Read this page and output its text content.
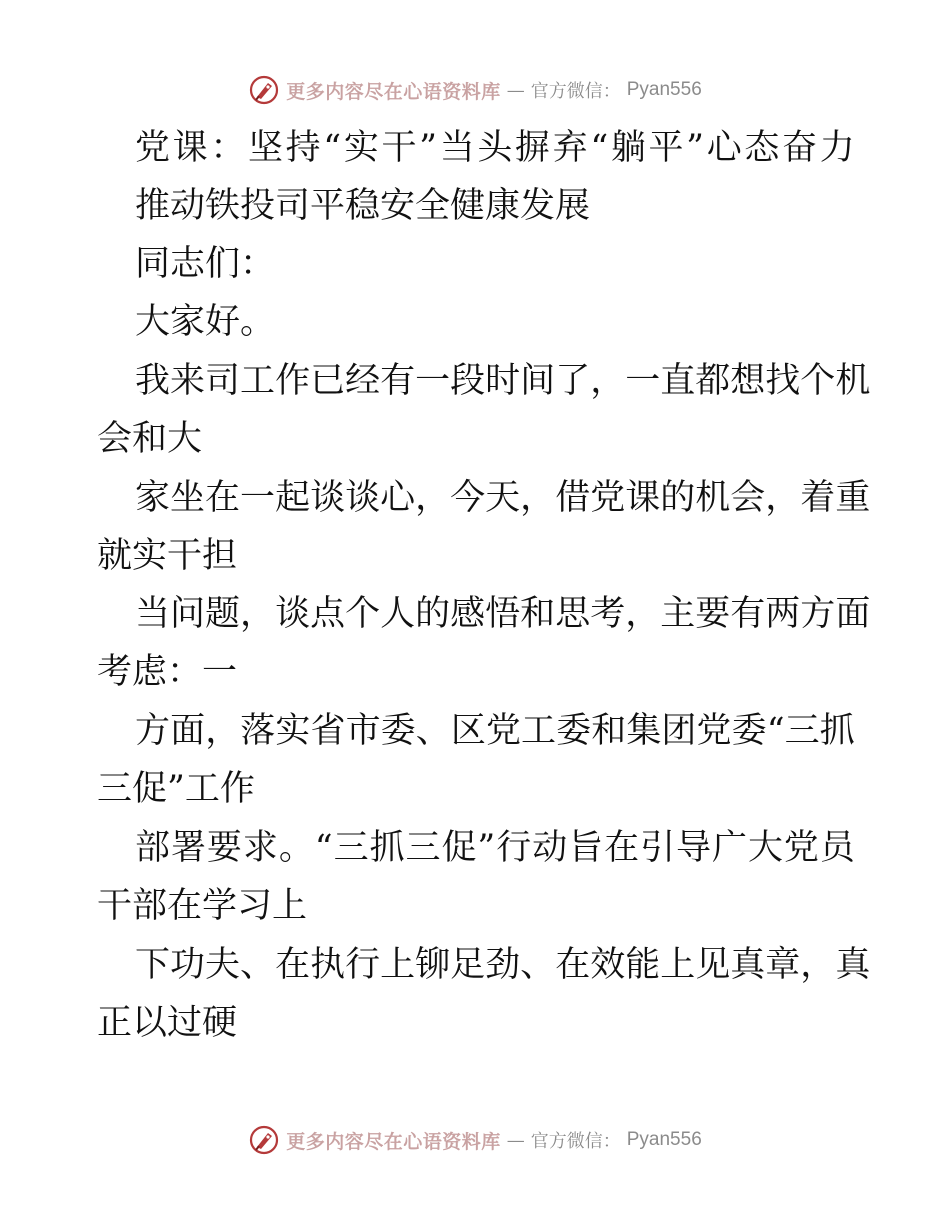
更多内容尽在心语资料库 — 官方微信： Pyan556
党 课 ： 坚 持 “ 实 干 ” 当 头 摒 弃 “ 躺 平 ” 心 态 奋 力
推动铁投司平稳安全健康发展
同志们：
大家好。
我 来 司 工 作 已 经 有 一 段 时 间 了 ， 一 直 都 想 找 个 机
会和大
家 坐 在 一 起 谈 谈 心 ， 今 天 ， 借 党 课 的 机 会 ， 着 重
就实干担
当 问 题 ， 谈 点 个 人 的 感 悟 和 思 考 ， 主 要 有 两 方 面
考虑：一
方 面 ， 落 实 省 市 委 、 区 党 工 委 和 集 团 党 委 “ 三 抓
三促”工作
部 署 要 求 。 “ 三 抓 三 促 ” 行 动 旨 在 引 导 广 大 党 员
干部在学习上
下 功 夫 、 在 执 行 上 铆 足 劲 、 在 效 能 上 见 真 章 ， 真
正以过硬
更多内容尽在心语资料库 — 官方微信： Pyan556
